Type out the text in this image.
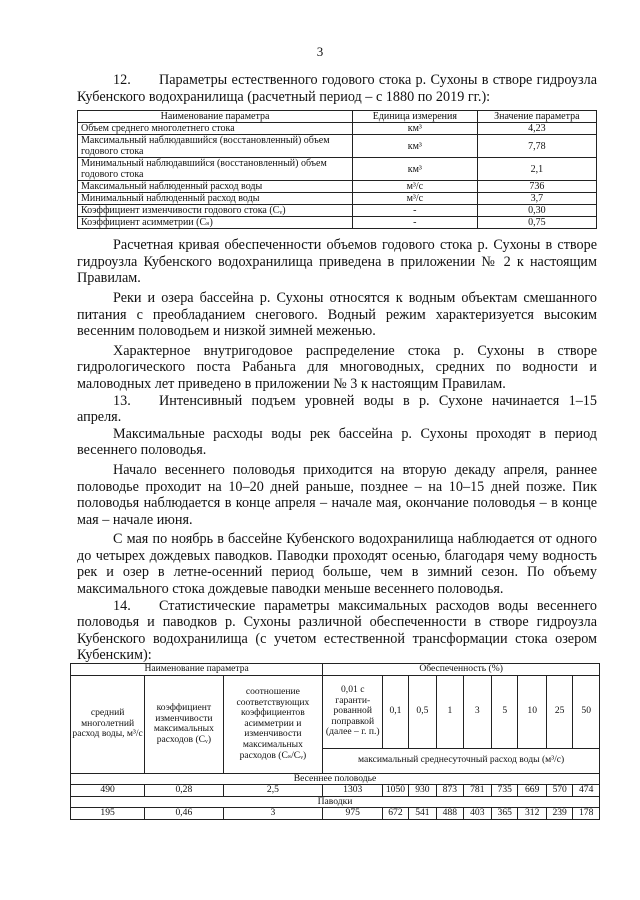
3

12. Параметры естественного годового стока р. Сухоны в створе гидроузла Кубенского водохранилища (расчетный период – с 1880 по 2019 гг.):

Наименование параметра	Единица измерения	Значение параметра
Объем среднего многолетнего стока	км³	4,23
Максимальный наблюдавшийся (восстановленный) объем годового стока	км³	7,78
Минимальный наблюдавшийся (восстановленный) объем годового стока	км³	2,1
Максимальный наблюденный расход воды	м³/с	736
Минимальный наблюденный расход воды	м³/с	3,7
Коэффициент изменчивости годового стока (Cᵥ)	-	0,30
Коэффициент асимметрии (Cₛ)	-	0,75

Расчетная кривая обеспеченности объемов годового стока р. Сухоны в створе гидроузла Кубенского водохранилища приведена в приложении № 2 к настоящим Правилам.

Реки и озера бассейна р. Сухоны относятся к водным объектам смешанного питания с преобладанием снегового. Водный режим характеризуется высоким весенним половодьем и низкой зимней меженью.

Характерное внутригодовое распределение стока р. Сухоны в створе гидрологического поста Рабаньга для многоводных, средних по водности и маловодных лет приведено в приложении № 3 к настоящим Правилам.

13. Интенсивный подъем уровней воды в р. Сухоне начинается 1–15 апреля.

Максимальные расходы воды рек бассейна р. Сухоны проходят в период весеннего половодья.

Начало весеннего половодья приходится на вторую декаду апреля, раннее половодье проходит на 10–20 дней раньше, позднее – на 10–15 дней позже. Пик половодья наблюдается в конце апреля – начале мая, окончание половодья – в конце мая – начале июня.

С мая по ноябрь в бассейне Кубенского водохранилища наблюдается от одного до четырех дождевых паводков. Паводки проходят осенью, благодаря чему водность рек и озер в летне-осенний период больше, чем в зимний сезон. По объему максимального стока дождевые паводки меньше весеннего половодья.

14. Статистические параметры максимальных расходов воды весеннего половодья и паводков р. Сухоны различной обеспеченности в створе гидроузла Кубенского водохранилища (с учетом естественной трансформации стока озером Кубенским):

Наименование параметра			Обеспеченность (%)								
средний многолетний расход воды, м³/с	коэффициент изменчивости максимальных расходов (Cᵥ)	соотношение соответствующих коэффициентов асимметрии и изменчивости максимальных расходов (Cₛ/Cᵥ)	0,01 с гаранти-рованной поправкой (далее – г. п.)	0,1	0,5	1	3	5	10	25	50
			максимальный среднесуточный расход воды (м³/с)								
Весеннее половодье											
490	0,28	2,5	1303	1050	930	873	781	735	669	570	474
Паводки											
195	0,46	3	975	672	541	488	403	365	312	239	178
